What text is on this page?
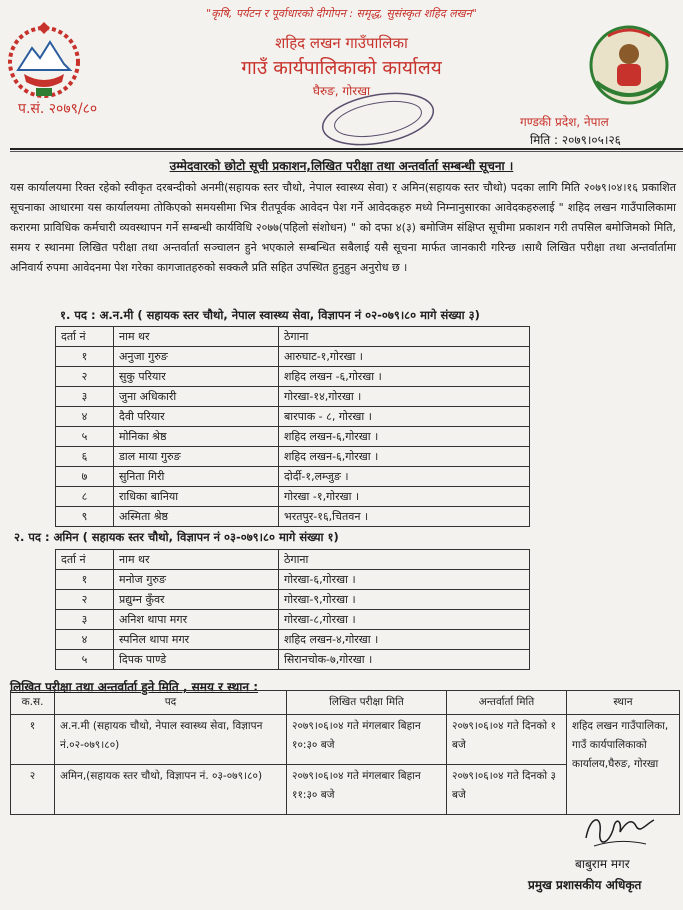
"कृषि, पर्यटन र पूर्वाधारको दीगोपन : समृद्ध, सुसंस्कृत शहिद लखन"
शहिद लखन गाउँपालिका
गाउँ कार्यपालिकाको कार्यालय
घैरुङ, गोरखा
प.सं. २०७९/८०
गण्डकी प्रदेश, नेपाल
मिति : २०७९।०५।२६
उम्मेदवारको छोटो सूची प्रकाशन,लिखित परीक्षा तथा अन्तर्वार्ता सम्बन्धी सूचना ।
यस कार्यालयमा रिक्त रहेको स्वीकृत दरबन्दीको अनमी(सहायक स्तर चौथो, नेपाल स्वास्थ्य सेवा) र अमिन(सहायक स्तर चौथो) पदका लागि मिति २०७९।०४।१६ प्रकाशित सूचनाका आधारमा यस कार्यालयमा तोकिएको समयसीमा भित्र रीतपूर्वक आवेदन पेश गर्ने आवेदकहरु मध्ये निम्नानुसारका आवेदकहरुलाई " शहिद लखन गाउँपालिकामा करारमा प्राविधिक कर्मचारी व्यवस्थापन गर्ने सम्बन्धी कार्यविधि २०७७(पहिलो संशोधन) " को दफा ४(३) बमोजिम संक्षिप्त सूचीमा प्रकाशन गरी तपसिल बमोजिमको मिति, समय र स्थानमा लिखित परीक्षा तथा अन्तर्वार्ता सञ्चालन हुने भएकाले सम्बन्धित सबैलाई यसै सूचना मार्फत जानकारी गरिन्छ ।साथै लिखित परीक्षा तथा अन्तर्वार्तामा अनिवार्य रुपमा आवेदनमा पेश गरेका कागजातहरुको सक्कलै प्रति सहित उपस्थित हुनुहुन अनुरोध छ ।
१. पद : अ.न.मी ( सहायक स्तर चौथो, नेपाल स्वास्थ्य सेवा, विज्ञापन नं ०२-०७९।८० मागे संख्या ३)
दर्ता नं	नाम थर	ठेगाना
१	अनुजा गुरुङ	आरुघाट-१,गोरखा ।
२	सुकु परियार	शहिद लखन -६,गोरखा ।
३	जुना अधिकारी	गोरखा-१४,गोरखा ।
४	दैवी परियार	बारपाक - ८, गोरखा ।
५	मोनिका श्रेष्ठ	शहिद लखन-६,गोरखा ।
६	डाल माया गुरुङ	शहिद लखन-६,गोरखा ।
७	सुनिता गिरी	दोर्दी-१,लम्जुङ ।
८	राधिका बानिया	गोरखा -१,गोरखा ।
९	अस्मिता श्रेष्ठ	भरतपुर-१६,चितवन ।
२. पद : अमिन ( सहायक स्तर चौथो, विज्ञापन नं ०३-०७९।८० मागे संख्या १)
दर्ता नं	नाम थर	ठेगाना
१	मनोज गुरुङ	गोरखा-६,गोरखा ।
२	प्रद्युम्न कुँवर	गोरखा-९,गोरखा ।
३	अनिश थापा मगर	गोरखा-८,गोरखा ।
४	स्पनिल थापा मगर	शहिद लखन-४,गोरखा ।
५	दिपक पाण्डे	सिरानचोक-७,गोरखा ।
लिखित परीक्षा तथा अन्तर्वार्ता हुने मिति , समय र स्थान :
क.स.	पद	लिखित परीक्षा मिति	अन्तर्वार्ता मिति	स्थान
१	अ.न.मी (सहायक चौथो, नेपाल स्वास्थ्य सेवा, विज्ञापन नं.०२-०७९।८०)	२०७९।०६।०४ गते मंगलबार बिहान १०:३० बजे	२०७९।०६।०४ गते दिनको १ बजे	शहिद लखन गाउँपालिका, गाउँ कार्यपालिकाको कार्यालय,घैरुङ, गोरखा
२	अमिन,(सहायक स्तर चौथो, विज्ञापन नं. ०३-०७९।८०)	२०७९।०६।०४ गते मंगलबार बिहान ११:३० बजे	२०७९।०६।०४ गते दिनको ३ बजे	
बाबुराम मगर
प्रमुख प्रशासकीय अधिकृत
